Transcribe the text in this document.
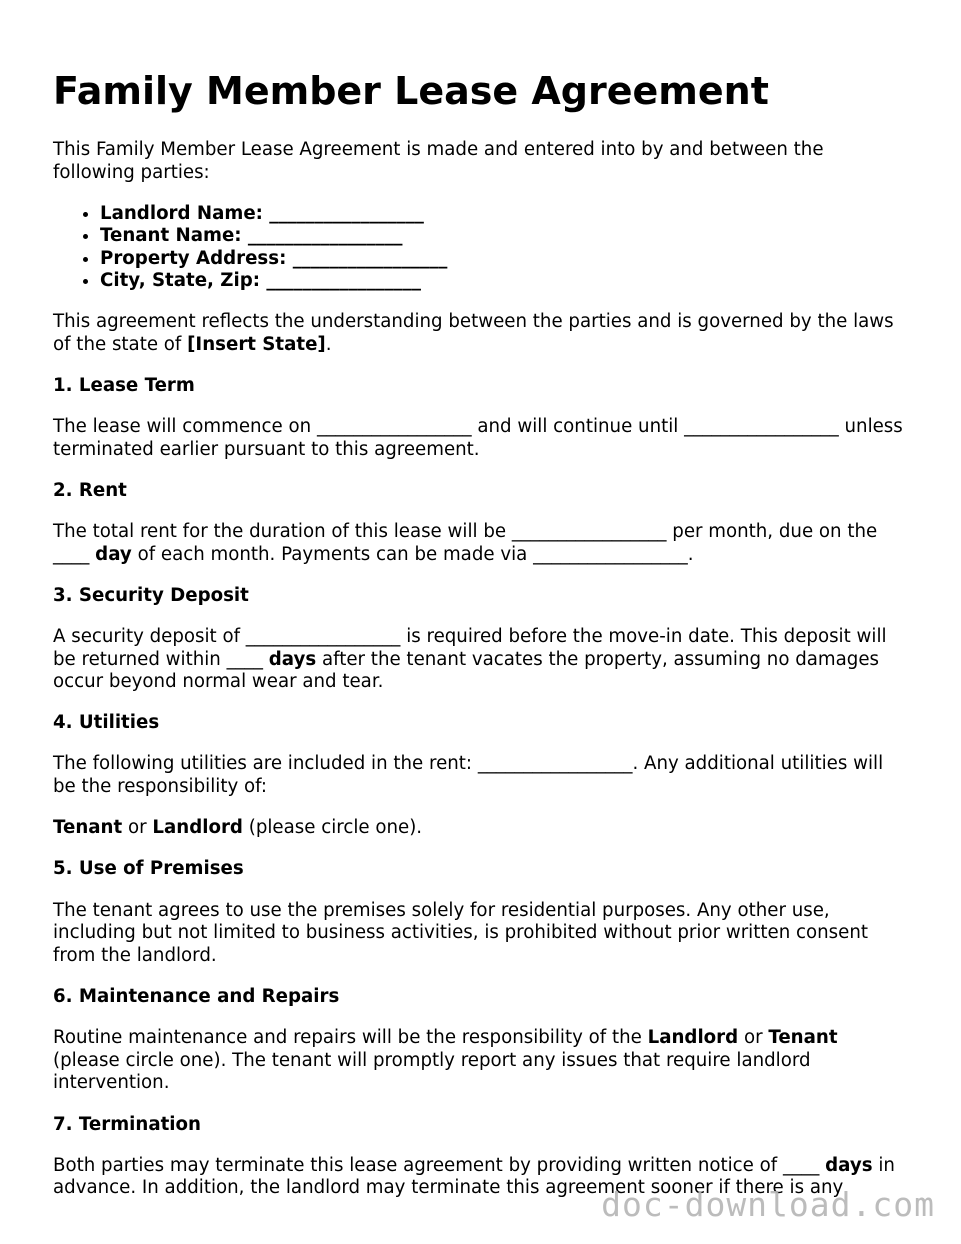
Family Member Lease Agreement

This Family Member Lease Agreement is made and entered into by and between the following parties:

• Landlord Name: _________________
• Tenant Name: _________________
• Property Address: _________________
• City, State, Zip: _________________

This agreement reflects the understanding between the parties and is governed by the laws of the state of [Insert State].

1. Lease Term

The lease will commence on _________________ and will continue until _________________ unless terminated earlier pursuant to this agreement.

2. Rent

The total rent for the duration of this lease will be _________________ per month, due on the ____ day of each month. Payments can be made via _________________.

3. Security Deposit

A security deposit of _________________ is required before the move-in date. This deposit will be returned within ____ days after the tenant vacates the property, assuming no damages occur beyond normal wear and tear.

4. Utilities

The following utilities are included in the rent: _________________. Any additional utilities will be the responsibility of:

Tenant or Landlord (please circle one).

5. Use of Premises

The tenant agrees to use the premises solely for residential purposes. Any other use, including but not limited to business activities, is prohibited without prior written consent from the landlord.

6. Maintenance and Repairs

Routine maintenance and repairs will be the responsibility of the Landlord or Tenant (please circle one). The tenant will promptly report any issues that require landlord intervention.

7. Termination

Both parties may terminate this lease agreement by providing written notice of ____ days in advance. In addition, the landlord may terminate this agreement sooner if there is any

doc-download.com
